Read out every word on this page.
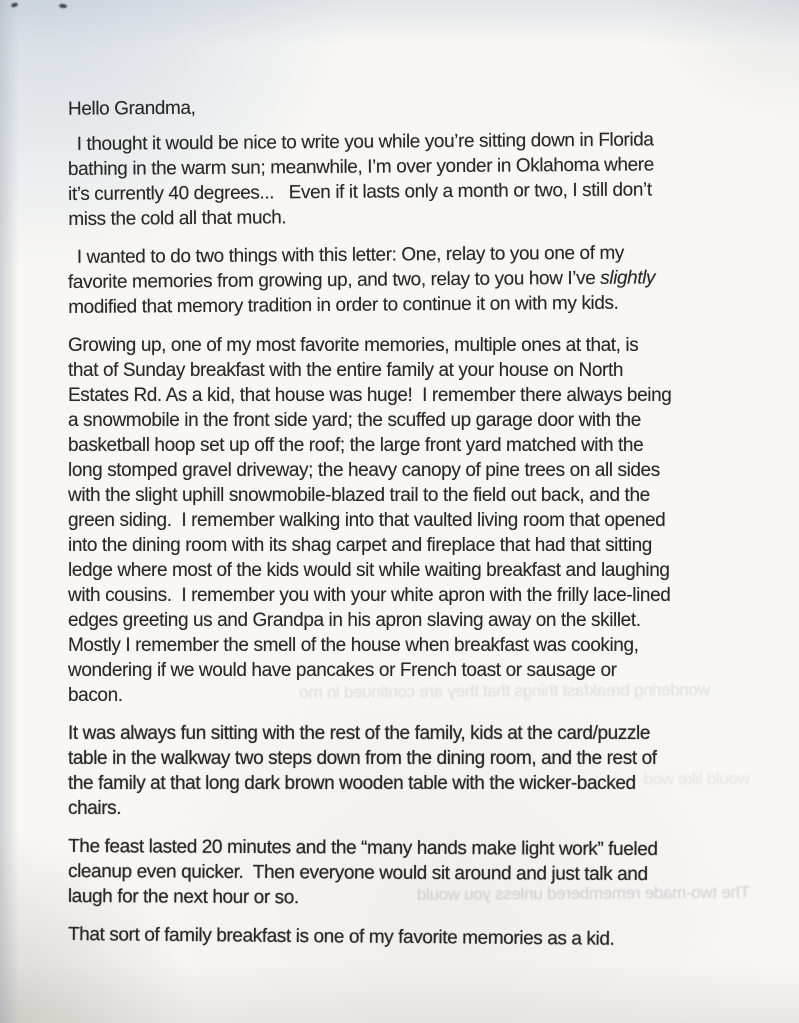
wondering breakfast things that they are continued in mo
would like wod
The two-made remembered unless you would

Hello Grandma,

I thought it would be nice to write you while you’re sitting down in Florida
bathing in the warm sun; meanwhile, I’m over yonder in Oklahoma where
it’s currently 40 degrees...   Even if it lasts only a month or two, I still don’t
miss the cold all that much.
I wanted to do two things with this letter: One, relay to you one of my
favorite memories from growing up, and two, relay to you how I’ve slightly
modified that memory tradition in order to continue it on with my kids.
Growing up, one of my most favorite memories, multiple ones at that, is
that of Sunday breakfast with the entire family at your house on North
Estates Rd. As a kid, that house was huge!  I remember there always being
a snowmobile in the front side yard; the scuffed up garage door with the
basketball hoop set up off the roof; the large front yard matched with the
long stomped gravel driveway; the heavy canopy of pine trees on all sides
with the slight uphill snowmobile-blazed trail to the field out back, and the
green siding.  I remember walking into that vaulted living room that opened
into the dining room with its shag carpet and fireplace that had that sitting
ledge where most of the kids would sit while waiting breakfast and laughing
with cousins.  I remember you with your white apron with the frilly lace-lined
edges greeting us and Grandpa in his apron slaving away on the skillet.
Mostly I remember the smell of the house when breakfast was cooking,
wondering if we would have pancakes or French toast or sausage or
bacon.
It was always fun sitting with the rest of the family, kids at the card/puzzle
table in the walkway two steps down from the dining room, and the rest of
the family at that long dark brown wooden table with the wicker-backed
chairs.
The feast lasted 20 minutes and the “many hands make light work” fueled
cleanup even quicker.  Then everyone would sit around and just talk and
laugh for the next hour or so.
That sort of family breakfast is one of my favorite memories as a kid.
